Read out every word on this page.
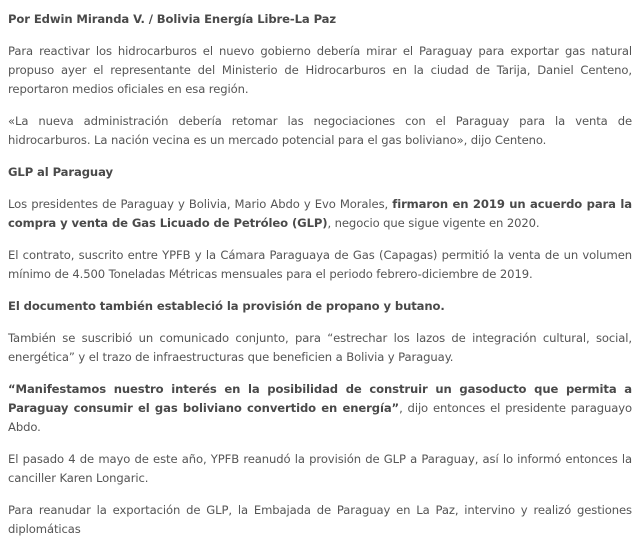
Por Edwin Miranda V. / Bolivia Energía Libre-La Paz

Para reactivar los hidrocarburos el nuevo gobierno debería mirar el Paraguay para exportar gas natural propuso ayer el representante del Ministerio de Hidrocarburos en la ciudad de Tarija, Daniel Centeno, reportaron medios oficiales en esa región.

«La nueva administración debería retomar las negociaciones con el Paraguay para la venta de hidrocarburos. La nación vecina es un mercado potencial para el gas boliviano», dijo Centeno.

GLP al Paraguay

Los presidentes de Paraguay y Bolivia, Mario Abdo y Evo Morales, firmaron en 2019 un acuerdo para la compra y venta de Gas Licuado de Petróleo (GLP), negocio que sigue vigente en 2020.

El contrato, suscrito entre YPFB y la Cámara Paraguaya de Gas (Capagas) permitió la venta de un volumen mínimo de 4.500 Toneladas Métricas mensuales para el periodo febrero-diciembre de 2019.

El documento también estableció la provisión de propano y butano.

También se suscribió un comunicado conjunto, para “estrechar los lazos de integración cultural, social, energética” y el trazo de infraestructuras que beneficien a Bolivia y Paraguay.

“Manifestamos nuestro interés en la posibilidad de construir un gasoducto que permita a Paraguay consumir el gas boliviano convertido en energía”, dijo entonces el presidente paraguayo Abdo.

El pasado 4 de mayo de este año, YPFB reanudó la provisión de GLP a Paraguay, así lo informó entonces la canciller Karen Longaric.

Para reanudar la exportación de GLP, la Embajada de Paraguay en La Paz, intervino y realizó gestiones diplomáticas
